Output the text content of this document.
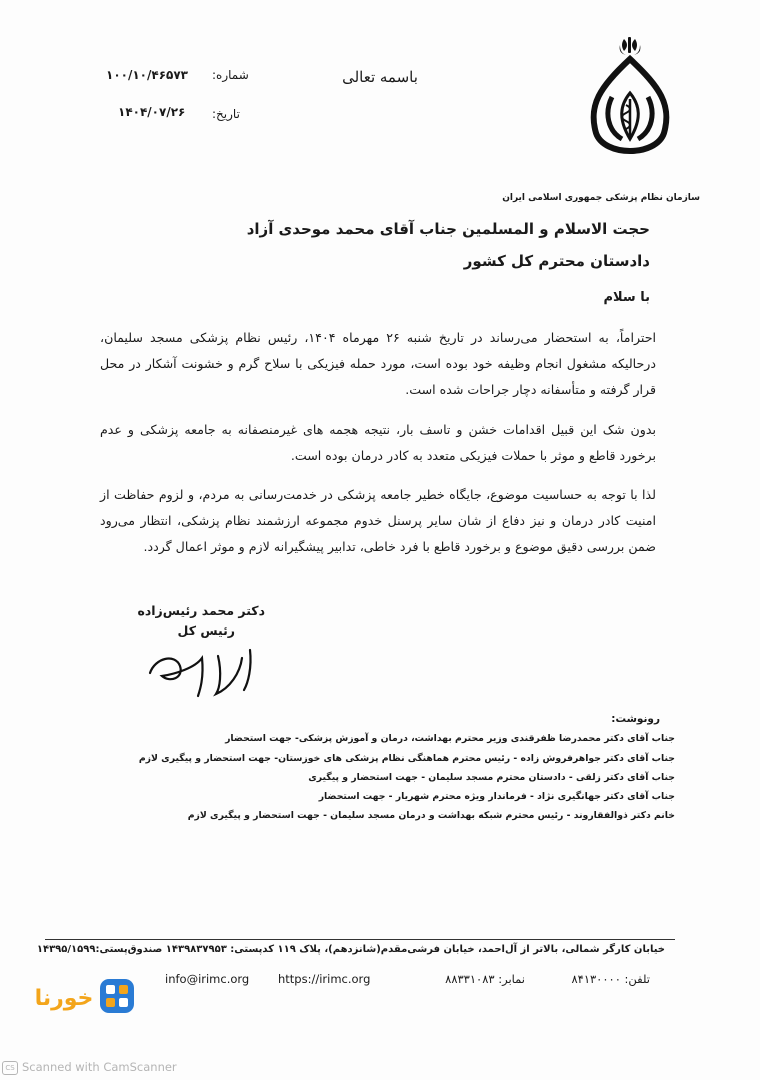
سازمان نظام پزشکی جمهوری اسلامی ایران
باسمه تعالی
شماره:
۱۰۰/۱۰/۴۶۵۷۳
تاریخ:
۱۴۰۴/۰۷/۲۶
حجت الاسلام و المسلمین جناب آقای محمد موحدی آزاد
دادستان محترم کل کشور
با سلام
احتراماً، به استحضار می‌رساند در تاریخ شنبه ۲۶ مهرماه ۱۴۰۴، رئیس نظام پزشکی مسجد سلیمان، درحالیکه مشغول انجام وظیفه خود بوده است، مورد حمله فیزیکی با سلاح گرم و خشونت آشکار در محل قرار گرفته و متأسفانه دچار جراحات شده است.
بدون شک این قبیل اقدامات خشن و تاسف بار، نتیجه هجمه های غیرمنصفانه به جامعه پزشکی و عدم برخورد قاطع و موثر با حملات فیزیکی متعدد به کادر درمان بوده است.
لذا با توجه به حساسیت موضوع، جایگاه خطیر جامعه پزشکی در خدمت‌رسانی به مردم، و لزوم حفاظت از امنیت کادر درمان و نیز دفاع از شان سایر پرسنل خدوم مجموعه ارزشمند نظام پزشکی، انتظار می‌رود ضمن بررسی دقیق موضوع و برخورد قاطع با فرد خاطی، تدابیر پیشگیرانه لازم و موثر اعمال گردد.
دکتر محمد رئیس‌زاده
رئیس کل
رونوشت:
جناب آقای دکتر محمدرضا ظفرقندی وزیر محترم بهداشت، درمان و آموزش پزشکی- جهت استحضار
جناب آقای دکتر جواهرفروش زاده - رئیس محترم هماهنگی نظام پزشکی های خوزستان- جهت استحضار و پیگیری لازم
جناب آقای دکتر زلقی - دادستان محترم مسجد سلیمان - جهت استحضار و پیگیری
جناب آقای دکتر جهانگیری نژاد - فرماندار ویژه محترم شهریار - جهت استحضار
خانم دکتر ذوالفقاروند - رئیس محترم شبکه بهداشت و درمان مسجد سلیمان - جهت استحضار و پیگیری لازم
خیابان کارگر شمالی، بالاتر از آل‌احمد، خیابان فرشی‌مقدم(شانزدهم)، پلاک ۱۱۹ کدپستی: ۱۴۳۹۸۳۷۹۵۳ صندوق‌پستی:۱۴۳۹۵/۱۵۹۹
تلفن: ۸۴۱۳۰۰۰۰
نمابر: ۸۸۳۳۱۰۸۳
https://irimc.org
info@irimc.org
خورنا
CS Scanned with CamScanner
